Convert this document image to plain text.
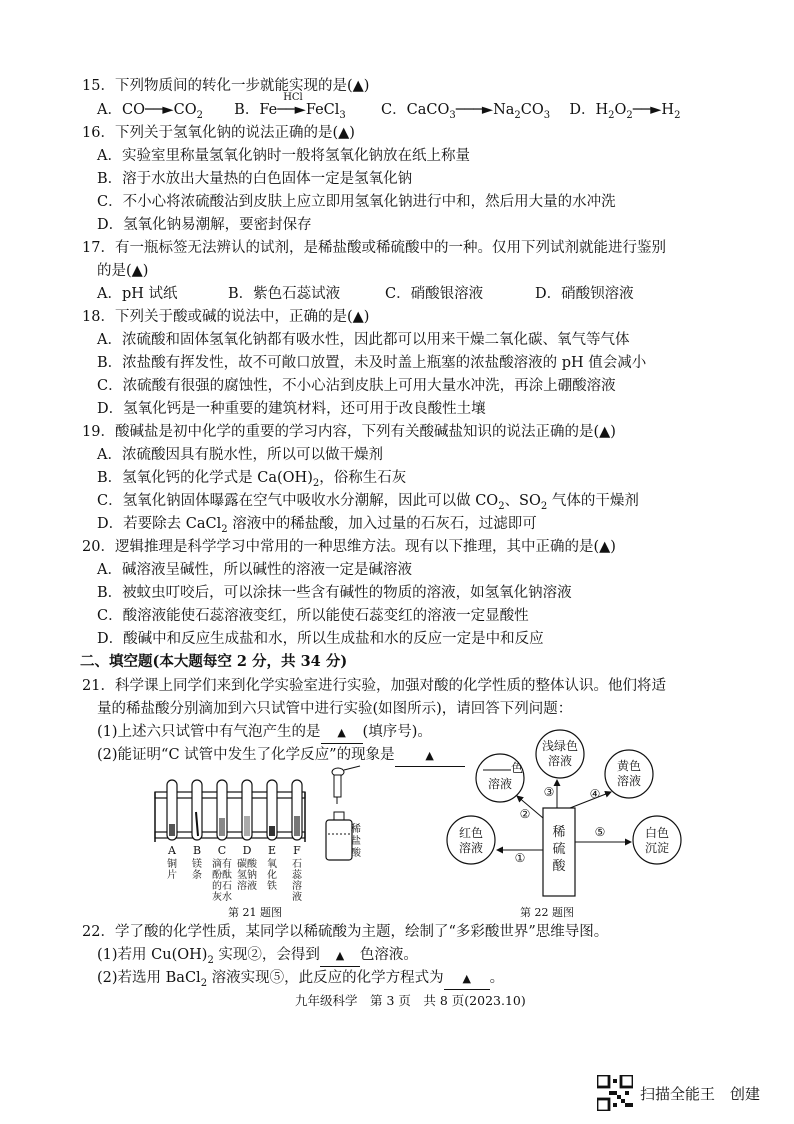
15．下列物质间的转化一步就能实现的是(▲)
A．$CO──►CO_2$ B．Fe
HCl
──►FeCl$_3$ C．$CaCO_3───►Na_2CO_3$ D．$H_2O_2──►H_2$
16．下列关于氢氧化钠的说法正确的是(▲)
A．实验室里称量氢氧化钠时一般将氢氧化钠放在纸上称量
B．溶于水放出大量热的白色固体一定是氢氧化钠
C．不小心将浓硫酸沾到皮肤上应立即用氢氧化钠进行中和，然后用大量的水冲洗
D．氢氧化钠易潮解，要密封保存
17．有一瓶标签无法辨认的试剂，是稀盐酸或稀硫酸中的一种。仅用下列试剂就能进行鉴别
的是(▲)
A．pH 试纸	B．紫色石蕊试液	C．硝酸银溶液	D．硝酸钡溶液
18．下列关于酸或碱的说法中，正确的是(▲)
A．浓硫酸和固体氢氧化钠都有吸水性，因此都可以用来干燥二氧化碳、氧气等气体
B．浓盐酸有挥发性，故不可敞口放置，未及时盖上瓶塞的浓盐酸溶液的 pH 值会减小
C．浓硫酸有很强的腐蚀性，不小心沾到皮肤上可用大量水冲洗，再涂上硼酸溶液
D．氢氧化钙是一种重要的建筑材料，还可用于改良酸性土壤
19．酸碱盐是初中化学的重要的学习内容，下列有关酸碱盐知识的说法正确的是(▲)
A．浓硫酸因具有脱水性，所以可以做干燥剂
B．氢氧化钙的化学式是 $Ca(OH)_2$，俗称生石灰
C．氢氧化钠固体曝露在空气中吸收水分潮解，因此可以做 $CO_2$、$SO_2$ 气体的干燥剂
D．若要除去 CaCl$_2$ 溶液中的稀盐酸，加入过量的石灰石，过滤即可
20．逻辑推理是科学学习中常用的一种思维方法。现有以下推理，其中正确的是(▲)
A．碱溶液呈碱性，所以碱性的溶液一定是碱溶液
B．被蚊虫叮咬后，可以涂抹一些含有碱性的物质的溶液，如氢氧化钠溶液
C．酸溶液能使石蕊溶液变红，所以能使石蕊变红的溶液一定显酸性
D．酸碱中和反应生成盐和水，所以生成盐和水的反应一定是中和反应
二、填空题(本大题每空 2 分，共 34 分)
21．科学课上同学们来到化学实验室进行实验，加强对酸的化学性质的整体认识。他们将适
量的稀盐酸分别滴加到六只试管中进行实验(如图所示)，请回答下列问题：
(1)上述六只试管中有气泡产生的是 ▲ (填序号)。
(2)能证明“C 试管中发生了化学反应”的现象是	▲
A
铜
片
B
镁
条
C
滴有
酚酞
的石
灰水
D
碳酸
氢钠
溶液
E
氧
化
铁
F
石
蕊
溶
液
稀
盐
酸
第 21 题图
稀
硫
酸
红色
溶液
色
溶液
浅绿色
溶液	黄色
溶液
白色
沉淀
①
②
③	④
⑤
第 22 题图
22．学了酸的化学性质，某同学以稀硫酸为主题，绘制了“多彩酸世界”思维导图。
(1)若用 $Cu(OH)_2$ 实现②，会得到 ▲ 色溶液。
(2)若选用 BaCl$_2$ 溶液实现⑤，此反应的化学方程式为 ▲ 。
九年级科学　第 3 页　共 8 页(2023.10)
扫描全能王　创建
